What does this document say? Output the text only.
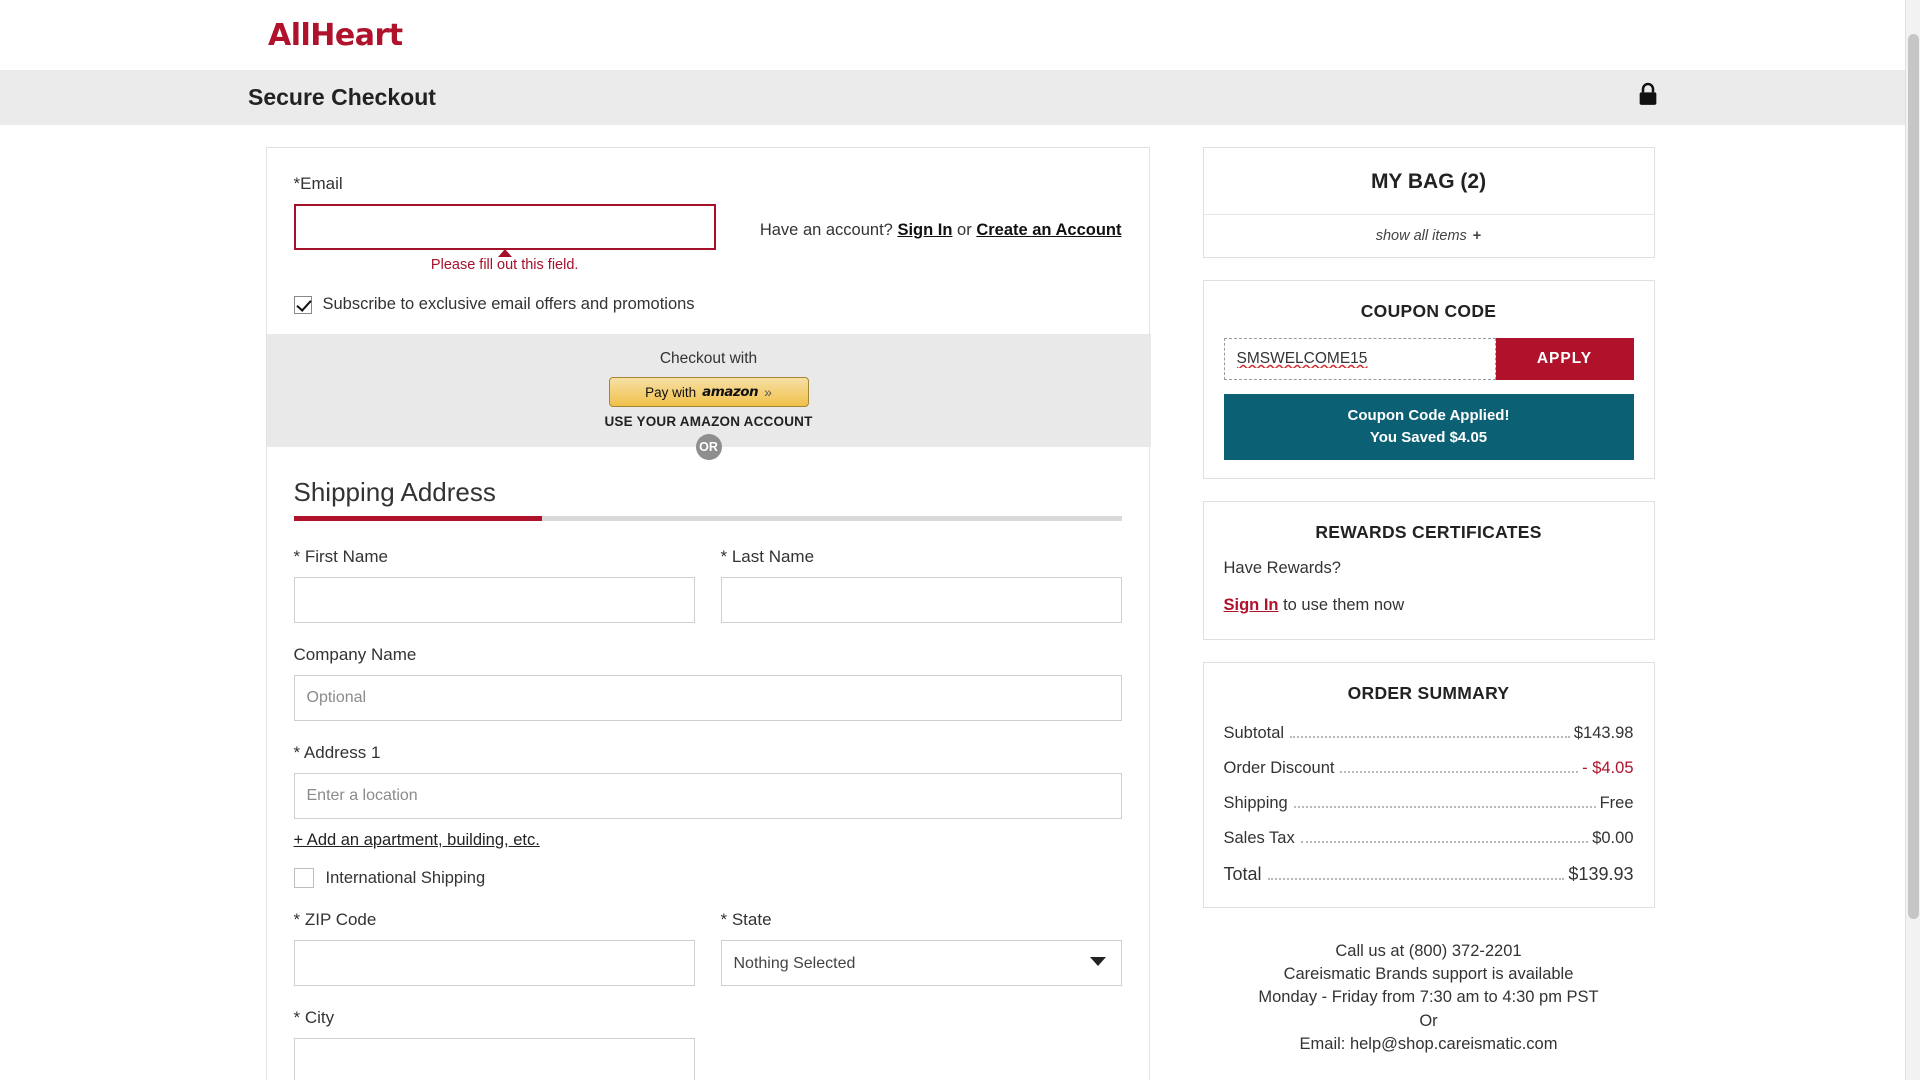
AllHeart
Secure Checkout
*Email
Please fill out this field.
Have an account? Sign In or Create an Account
Subscribe to exclusive email offers and promotions
Checkout with
Pay with amazon »
USE YOUR AMAZON ACCOUNT
OR
Shipping Address
* First Name	* Last Name
Company Name
Optional
* Address 1
Enter a location
+ Add an apartment, building, etc.
International Shipping
* ZIP Code	* State
Nothing Selected
* City
MY BAG (2)
show all items +
COUPON CODE
SMSWELCOME15
APPLY
Coupon Code Applied!
You Saved $4.05
REWARDS CERTIFICATES
Have Rewards?
Sign In to use them now
ORDER SUMMARY
Subtotal	$143.98
Order Discount	- $4.05
Shipping	Free
Sales Tax	$0.00
Total	$139.93
Call us at (800) 372-2201
Careismatic Brands support is available
Monday - Friday from 7:30 am to 4:30 pm PST
Or
Email: help@shop.careismatic.com
